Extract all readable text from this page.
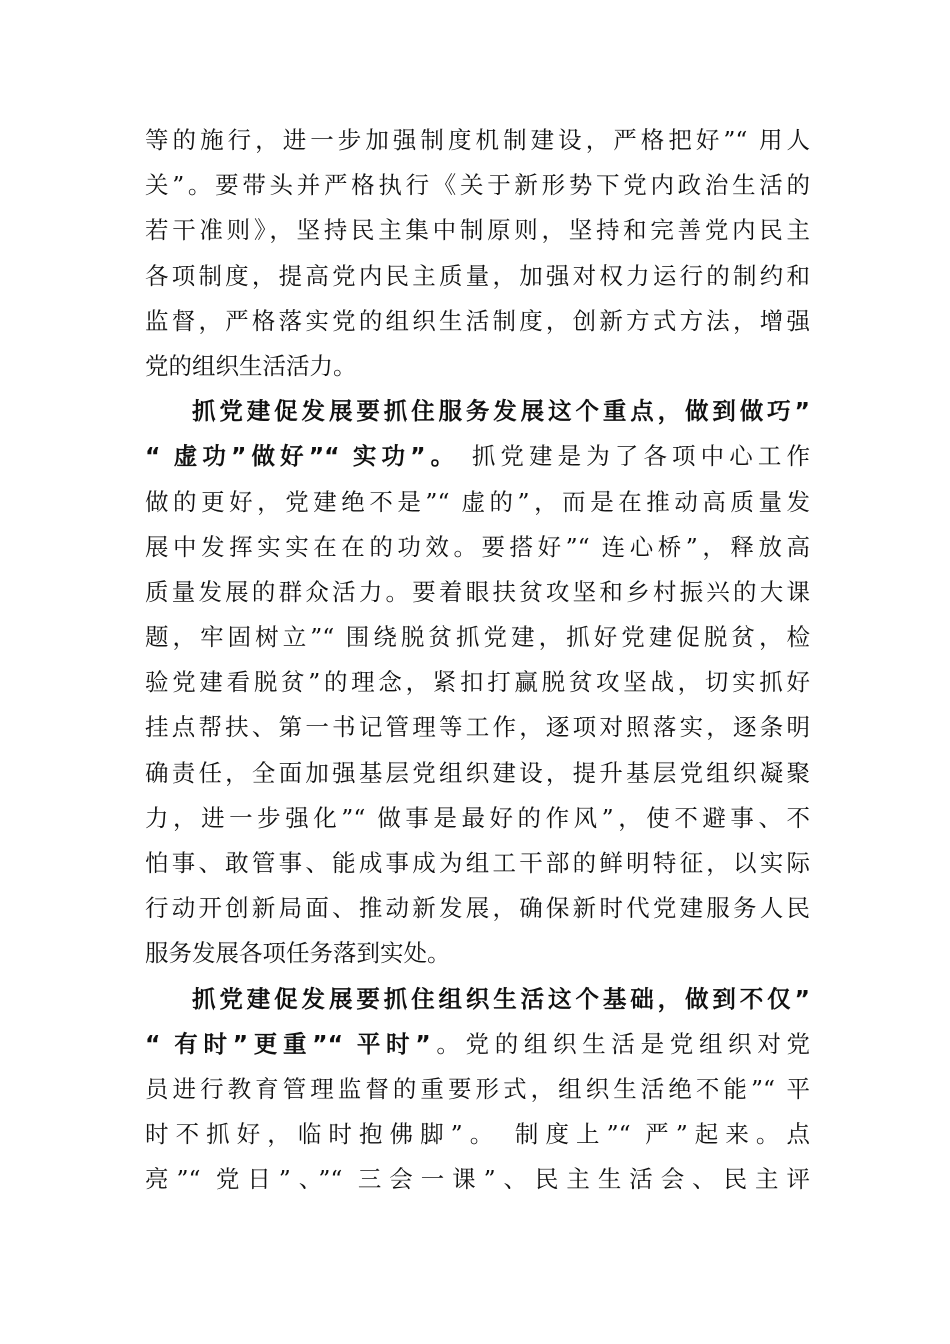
等的施行，进一步加强制度机制建设，严格把好”“ 用人
关”。要带头并严格执行《关于新形势下党内政治生活的
若干准则》，坚持民主集中制原则，坚持和完善党内民主
各项制度，提高党内民主质量，加强对权力运行的制约和
监督，严格落实党的组织生活制度，创新方式方法，增强
党的组织生活活力。
抓党建促发展要抓住服务发展这个重点，做到做巧”
“ 虚功”做好”“ 实功”。 抓党建是为了各项中心工作
做的更好，党建绝不是”“ 虚的”，而是在推动高质量发
展中发挥实实在在的功效。要搭好”“ 连心桥”，释放高
质量发展的群众活力。要着眼扶贫攻坚和乡村振兴的大课
题，牢固树立”“ 围绕脱贫抓党建，抓好党建促脱贫，检
验党建看脱贫”的理念，紧扣打赢脱贫攻坚战，切实抓好
挂点帮扶、第一书记管理等工作，逐项对照落实，逐条明
确责任，全面加强基层党组织建设，提升基层党组织凝聚
力，进一步强化”“ 做事是最好的作风”，使不避事、不
怕事、敢管事、能成事成为组工干部的鲜明特征，以实际
行动开创新局面、推动新发展，确保新时代党建服务人民
服务发展各项任务落到实处。
抓党建促发展要抓住组织生活这个基础，做到不仅”
“ 有时”更重”“ 平时”。党的组织生活是党组织对党
员进行教育管理监督的重要形式，组织生活绝不能”“ 平
时不抓好，临时抱佛脚”。 制度上”“ 严”起来。点
亮”“ 党日”、”“ 三会一课”、民主生活会、民主评
